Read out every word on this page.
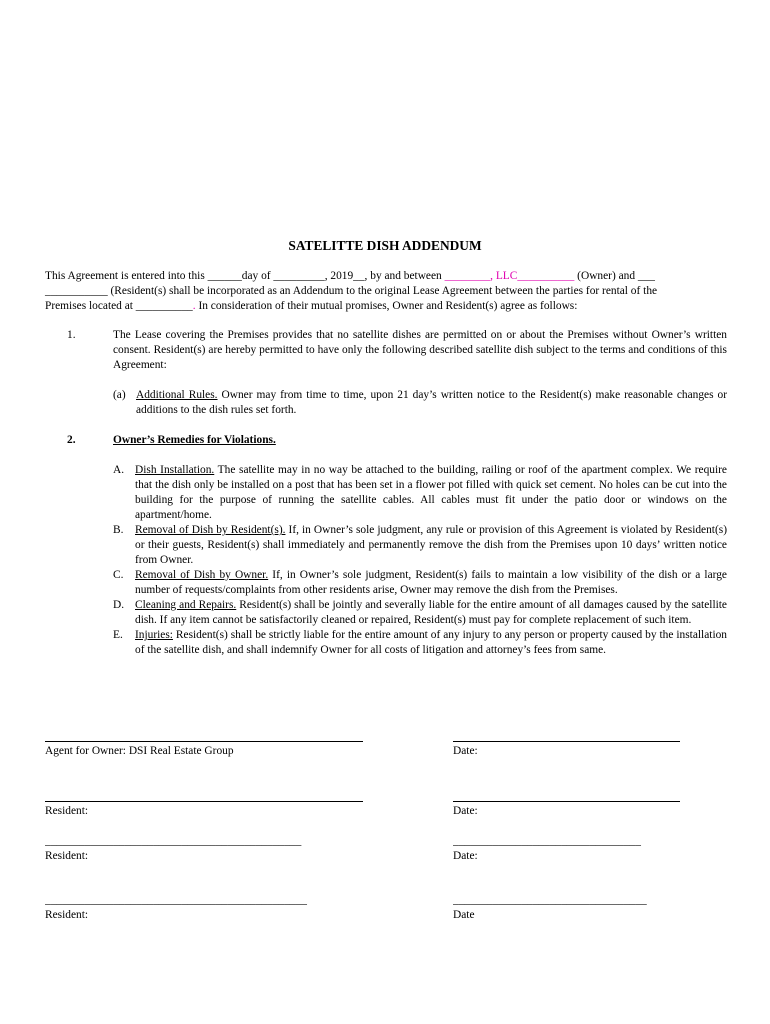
SATELITTE DISH ADDENDUM
This Agreement is entered into this ______day of _________, 2019__, by and between ________, LLC__________ (Owner) and ___
___________ (Resident(s) shall be incorporated as an Addendum to the original Lease Agreement between the parties for rental of the
Premises located at __________. In consideration of their mutual promises, Owner and Resident(s) agree as follows:
1.	The Lease covering the Premises provides that no satellite dishes are permitted on or about the Premises without Owner’s written consent. Resident(s) are hereby permitted to have only the following described satellite dish subject to the terms and conditions of this Agreement:
(a) Additional Rules. Owner may from time to time, upon 21 day’s written notice to the Resident(s) make reasonable changes or additions to the dish rules set forth.
2.	Owner’s Remedies for Violations.
A. Dish Installation. The satellite may in no way be attached to the building, railing or roof of the apartment complex. We require that the dish only be installed on a post that has been set in a flower pot filled with quick set cement. No holes can be cut into the building for the purpose of running the satellite cables. All cables must fit under the patio door or windows on the apartment/home.
B. Removal of Dish by Resident(s). If, in Owner’s sole judgment, any rule or provision of this Agreement is violated by Resident(s) or their guests, Resident(s) shall immediately and permanently remove the dish from the Premises upon 10 days’ written notice from Owner.
C. Removal of Dish by Owner. If, in Owner’s sole judgment, Resident(s) fails to maintain a low visibility of the dish or a large number of requests/complaints from other residents arise, Owner may remove the dish from the Premises.
D. Cleaning and Repairs. Resident(s) shall be jointly and severally liable for the entire amount of all damages caused by the satellite dish. If any item cannot be satisfactorily cleaned or repaired, Resident(s) must pay for complete replacement of such item.
E. Injuries: Resident(s) shall be strictly liable for the entire amount of any injury to any person or property caused by the installation of the satellite dish, and shall indemnify Owner for all costs of litigation and attorney’s fees from same.
Agent for Owner: DSI Real Estate Group	Date:
Resident:	Date:
_____________________________________________	_________________________________
Resident:	Date:
______________________________________________	__________________________________
Resident:	Date
